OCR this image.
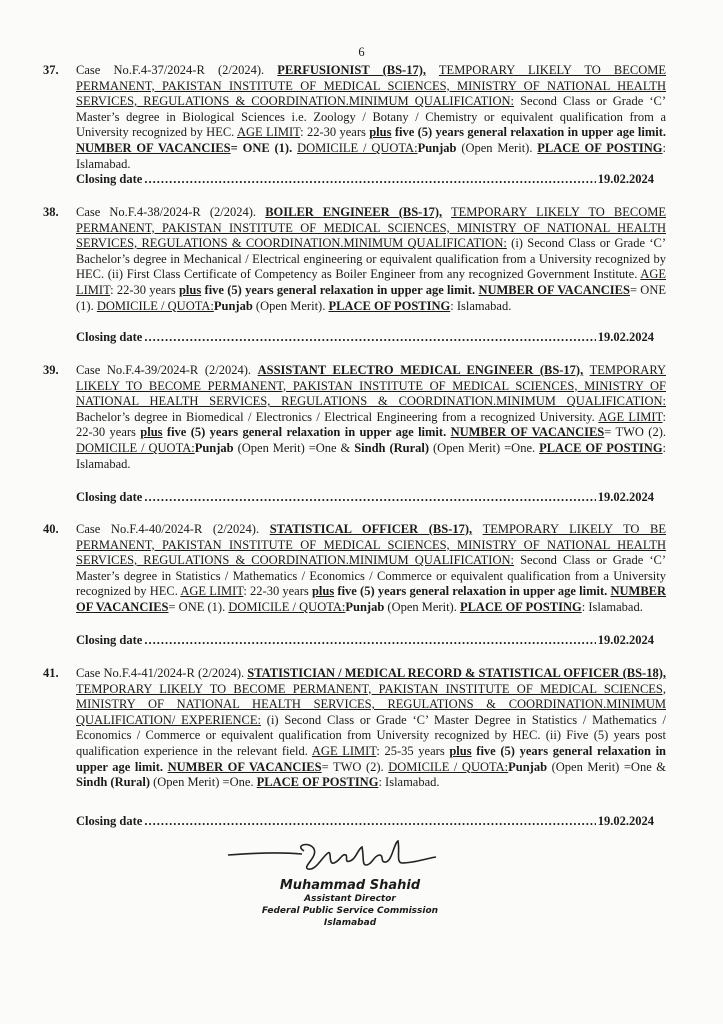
6
37. Case No.F.4-37/2024-R (2/2024). PERFUSIONIST (BS-17), TEMPORARY LIKELY TO BECOME PERMANENT, PAKISTAN INSTITUTE OF MEDICAL SCIENCES, MINISTRY OF NATIONAL HEALTH SERVICES, REGULATIONS & COORDINATION.MINIMUM QUALIFICATION: Second Class or Grade ‘C’ Master’s degree in Biological Sciences i.e. Zoology / Botany / Chemistry or equivalent qualification from a University recognized by HEC. AGE LIMIT: 22-30 years plus five (5) years general relaxation in upper age limit. NUMBER OF VACANCIES= ONE (1). DOMICILE / QUOTA:Punjab (Open Merit). PLACE OF POSTING: Islamabad.

Closing date .....	19.02.2024
38. Case No.F.4-38/2024-R (2/2024). BOILER ENGINEER (BS-17), TEMPORARY LIKELY TO BECOME PERMANENT, PAKISTAN INSTITUTE OF MEDICAL SCIENCES, MINISTRY OF NATIONAL HEALTH SERVICES, REGULATIONS & COORDINATION.MINIMUM QUALIFICATION: (i) Second Class or Grade ‘C’ Bachelor’s degree in Mechanical / Electrical engineering or equivalent qualification from a University recognized by HEC. (ii) First Class Certificate of Competency as Boiler Engineer from any recognized Government Institute. AGE LIMIT: 22-30 years plus five (5) years general relaxation in upper age limit. NUMBER OF VACANCIES= ONE (1). DOMICILE / QUOTA:Punjab (Open Merit). PLACE OF POSTING: Islamabad.

Closing date .....	19.02.2024
39. Case No.F.4-39/2024-R (2/2024). ASSISTANT ELECTRO MEDICAL ENGINEER (BS-17), TEMPORARY LIKELY TO BECOME PERMANENT, PAKISTAN INSTITUTE OF MEDICAL SCIENCES, MINISTRY OF NATIONAL HEALTH SERVICES, REGULATIONS & COORDINATION.MINIMUM QUALIFICATION: Bachelor’s degree in Biomedical / Electronics / Electrical Engineering from a recognized University. AGE LIMIT: 22-30 years plus five (5) years general relaxation in upper age limit. NUMBER OF VACANCIES= TWO (2). DOMICILE / QUOTA:Punjab (Open Merit) =One & Sindh (Rural) (Open Merit) =One. PLACE OF POSTING: Islamabad.

Closing date .....	19.02.2024
40. Case No.F.4-40/2024-R (2/2024). STATISTICAL OFFICER (BS-17), TEMPORARY LIKELY TO BE PERMANENT, PAKISTAN INSTITUTE OF MEDICAL SCIENCES, MINISTRY OF NATIONAL HEALTH SERVICES, REGULATIONS & COORDINATION.MINIMUM QUALIFICATION: Second Class or Grade ‘C’ Master’s degree in Statistics / Mathematics / Economics / Commerce or equivalent qualification from a University recognized by HEC. AGE LIMIT: 22-30 years plus five (5) years general relaxation in upper age limit. NUMBER OF VACANCIES= ONE (1). DOMICILE / QUOTA:Punjab (Open Merit). PLACE OF POSTING: Islamabad.

Closing date .....	19.02.2024
41. Case No.F.4-41/2024-R (2/2024). STATISTICIAN / MEDICAL RECORD & STATISTICAL OFFICER (BS-18), TEMPORARY LIKELY TO BECOME PERMANENT, PAKISTAN INSTITUTE OF MEDICAL SCIENCES, MINISTRY OF NATIONAL HEALTH SERVICES, REGULATIONS & COORDINATION.MINIMUM QUALIFICATION/ EXPERIENCE: (i) Second Class or Grade ‘C’ Master Degree in Statistics / Mathematics / Economics / Commerce or equivalent qualification from University recognized by HEC. (ii) Five (5) years post qualification experience in the relevant field. AGE LIMIT: 25-35 years plus five (5) years general relaxation in upper age limit. NUMBER OF VACANCIES= TWO (2). DOMICILE / QUOTA:Punjab (Open Merit) =One & Sindh (Rural) (Open Merit) =One. PLACE OF POSTING: Islamabad.

Closing date .....	19.02.2024
Muhammad Shahid
Assistant Director
Federal Public Service Commission
Islamabad
